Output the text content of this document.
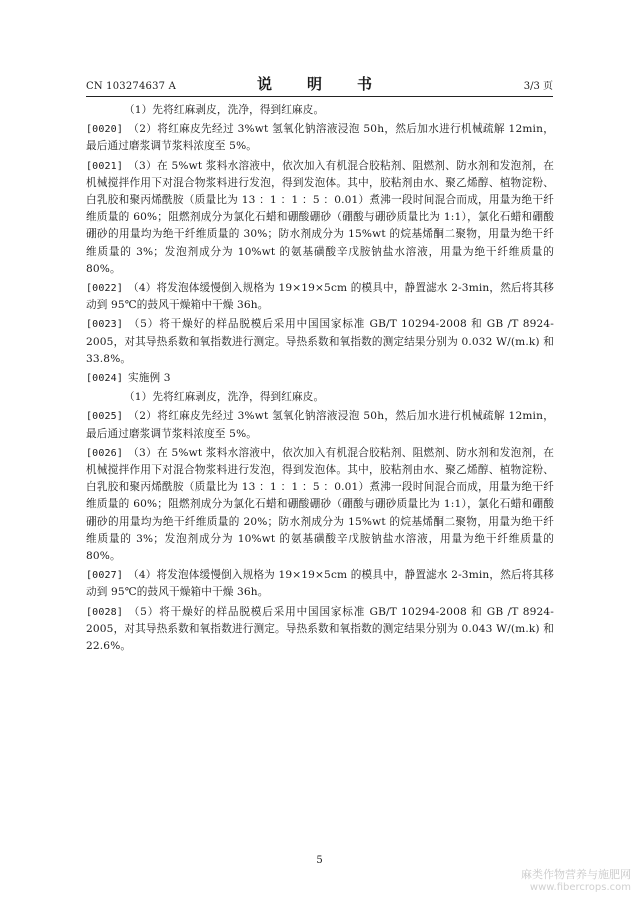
CN 103274637 A	说　明　书	3/3 页

（1）先将红麻剥皮，洗净，得到红麻皮。

[0020] （2）将红麻皮先经过 3%wt 氢氧化钠溶液浸泡 50h，然后加水进行机械疏解 12min，最后通过磨浆调节浆料浓度至 5%。

[0021] （3）在 5%wt 浆料水溶液中，依次加入有机混合胶粘剂、阻燃剂、防水剂和发泡剂，在机械搅拌作用下对混合物浆料进行发泡，得到发泡体。其中，胶粘剂由水、聚乙烯醇、植物淀粉、白乳胶和聚丙烯酰胺（质量比为 13 ：1 ：1 ：5 ：0.01）煮沸一段时间混合而成，用量为绝干纤维质量的 60%；阻燃剂成分为氯化石蜡和硼酸硼砂（硼酸与硼砂质量比为 1:1），氯化石蜡和硼酸硼砂的用量均为绝干纤维质量的 30%；防水剂成分为 15%wt 的烷基烯酮二聚物，用量为绝干纤维质量的 3%；发泡剂成分为 10%wt 的氨基磺酸辛戊胺钠盐水溶液，用量为绝干纤维质量的 80%。

[0022] （4）将发泡体缓慢倒入规格为 19×19×5cm 的模具中，静置滤水 2-3min，然后将其移动到 95℃的鼓风干燥箱中干燥 36h。

[0023] （5）将干燥好的样品脱模后采用中国国家标准 GB/T 10294-2008 和 GB /T 8924-2005，对其导热系数和氧指数进行测定。导热系数和氧指数的测定结果分别为 0.032 W/(m.k) 和 33.8%。

[0024] 实施例 3

（1）先将红麻剥皮，洗净，得到红麻皮。

[0025] （2）将红麻皮先经过 3%wt 氢氧化钠溶液浸泡 50h，然后加水进行机械疏解 12min，最后通过磨浆调节浆料浓度至 5%。

[0026] （3）在 5%wt 浆料水溶液中，依次加入有机混合胶粘剂、阻燃剂、防水剂和发泡剂，在机械搅拌作用下对混合物浆料进行发泡，得到发泡体。其中，胶粘剂由水、聚乙烯醇、植物淀粉、白乳胶和聚丙烯酰胺（质量比为 13 ：1 ：1 ：5 ：0.01）煮沸一段时间混合而成，用量为绝干纤维质量的 60%；阻燃剂成分为氯化石蜡和硼酸硼砂（硼酸与硼砂质量比为 1:1），氯化石蜡和硼酸硼砂的用量均为绝干纤维质量的 20%；防水剂成分为 15%wt 的烷基烯酮二聚物，用量为绝干纤维质量的 3%；发泡剂成分为 10%wt 的氨基磺酸辛戊胺钠盐水溶液，用量为绝干纤维质量的 80%。

[0027] （4）将发泡体缓慢倒入规格为 19×19×5cm 的模具中，静置滤水 2-3min，然后将其移动到 95℃的鼓风干燥箱中干燥 36h。

[0028] （5）将干燥好的样品脱模后采用中国国家标准 GB/T 10294-2008 和 GB /T 8924-2005，对其导热系数和氧指数进行测定。导热系数和氧指数的测定结果分别为 0.043 W/(m.k) 和 22.6%。

5
麻类作物营养与施肥网
www.fibercrops.com
